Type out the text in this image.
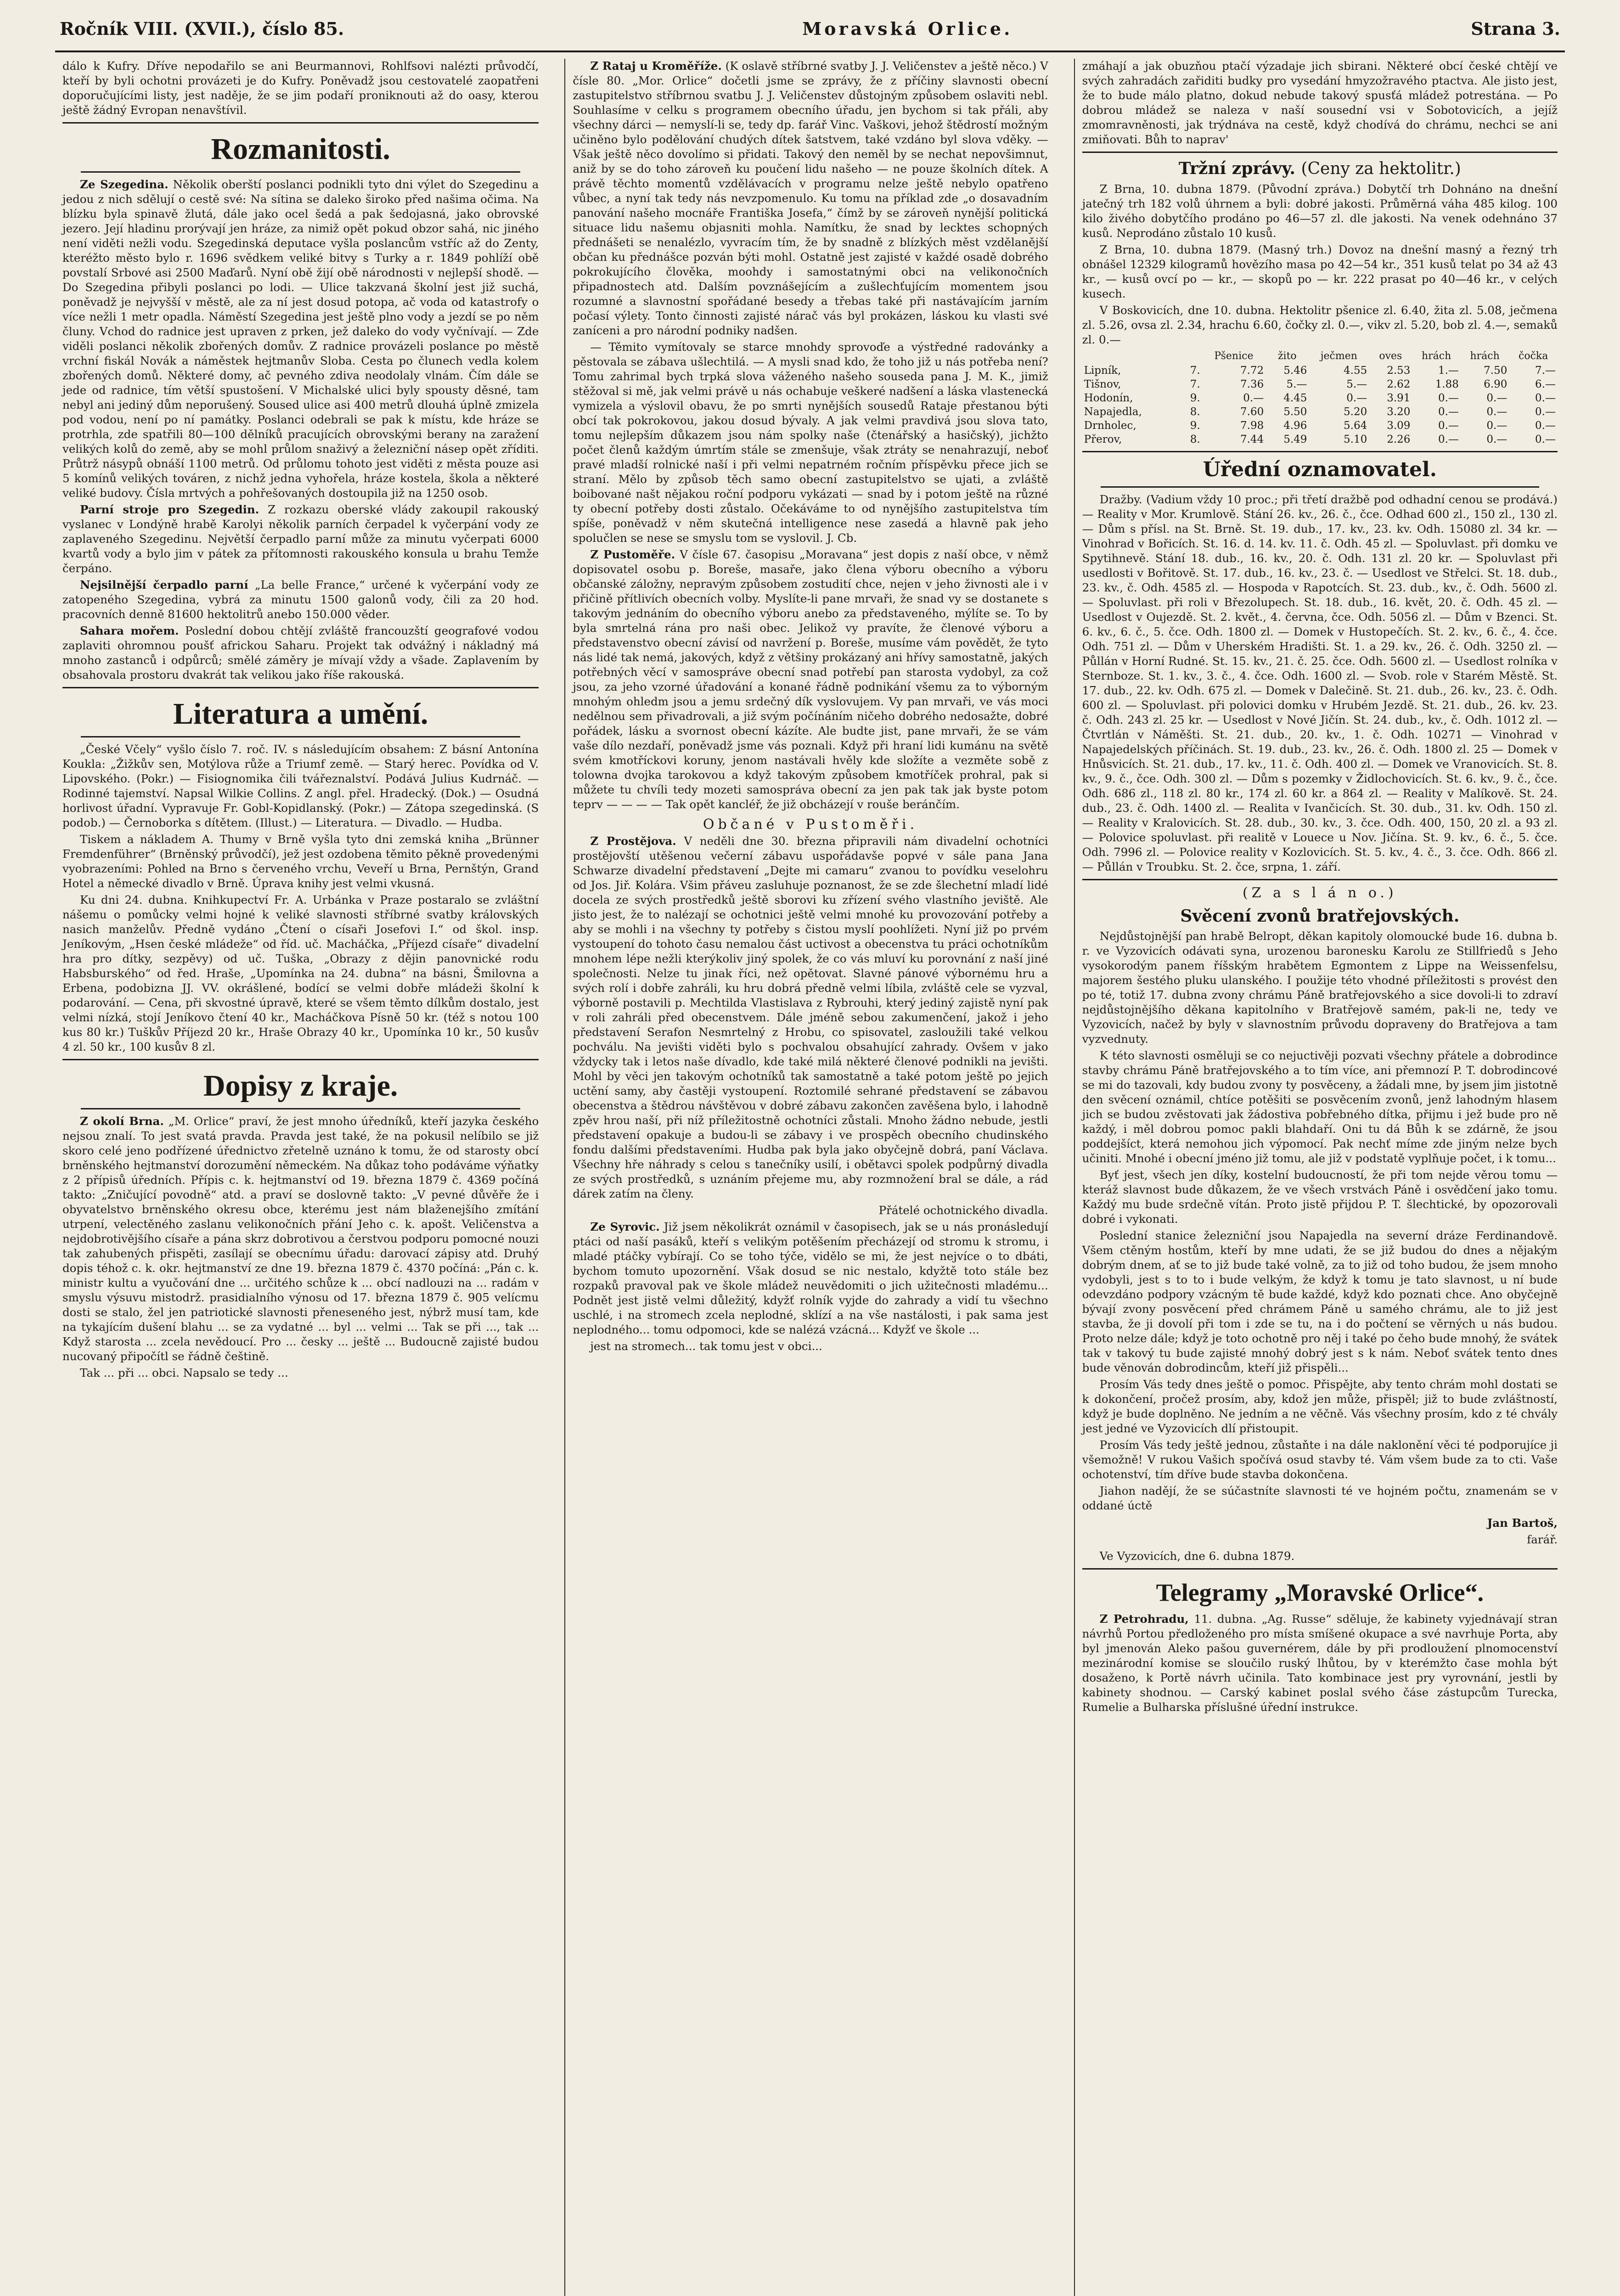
Ročník VIII. (XVII.), číslo 85.	Moravská Orlice.	Strana 3.

dálo k Kufry. Dříve nepodařilo se ani Beurmannovi, Rohlfsovi nalézti průvodčí, kteří by byli ochotni provázeti je do Kufry. Poněvadž jsou cestovatelé zaopatřeni doporučujícími listy, jest naděje, že se jim podaří proniknouti až do oasy, kterou ještě žádný Evropan nenavštívil.

Rozmanitosti.

Ze Szegedina. Několik oberští poslanci podnikli tyto dni výlet do Szegedinu a jedou z nich sdělují o cestě své: Na sítina se daleko široko před našima očima. Na blízku byla spinavě žlutá, dále jako ocel šedá a pak šedojasná, jako obrovské jezero. Její hladinu prorývají jen hráze, za nimiž opět pokud obzor sahá, nic jiného není viděti nežli vodu. Szegedinská deputace vyšla poslancům vstříc až do Zenty, kteréžto město bylo r. 1696 svědkem veliké bitvy s Turky a r. 1849 pohlíží obě povstalí Srbové asi 2500 Maďarů. Nyní obě žijí obě národnosti v nejlepší shodě. — Do Szegedina přibyli poslanci po lodi. — Ulice takzvaná školní jest již suchá, poněvadž je nejvyšší v městě, ale za ní jest dosud potopa, ač voda od katastrofy o více nežli 1 metr opadla. Náměstí Szegedina jest ještě plno vody a jezdí se po něm čluny. Vchod do radnice jest upraven z prken, jež daleko do vody vyčnívají. — Zde viděli poslanci několik zbořených domův. Z radnice provázeli poslance po městě vrchní fiskál Novák a náměstek hejtmanův Sloba. Cesta po člunech vedla kolem zbořených domů. Některé domy, ač pevného zdiva neodolaly vlnám. Čím dále se jede od radnice, tím větší spustošení. V Michalské ulici byly spousty děsné, tam nebyl ani jediný dům neporušený. Soused ulice asi 400 metrů dlouhá úplně zmizela pod vodou, není po ní památky. Poslanci odebrali se pak k místu, kde hráze se protrhla, zde spatřili 80—100 dělníků pracujících obrovskými berany na zaražení velikých kolů do země, aby se mohl průlom snaživý a železniční násep opět zříditi. Průtrž násypů obnáší 1100 metrů. Od průlomu tohoto jest viděti z města pouze asi 5 komínů velikých továren, z nichž jedna vyhořela, hráze kostela, škola a některé veliké budovy. Čísla mrtvých a pohřešovaných dostoupila již na 1250 osob.

Parní stroje pro Szegedin. Z rozkazu oberské vlády zakoupil rakouský vyslanec v Londýně hrabě Karolyi několik parních čerpadel k vyčerpání vody ze zaplaveného Szegedinu. Největší čerpadlo parní může za minutu vyčerpati 6000 kvartů vody a bylo jim v pátek za přítomnosti rakouského konsula u brahu Temže čerpáno.

Nejsilnější čerpadlo parní „La belle France,“ určené k vyčerpání vody ze zatopeného Szegedina, vybrá za minutu 1500 galonů vody, čili za 20 hod. pracovních denně 81600 hektolitrů anebo 150.000 věder.

Sahara mořem. Poslední dobou chtějí zvláště francouzští geografové vodou zaplaviti ohromnou poušť africkou Saharu. Projekt tak odvážný i nákladný má mnoho zastanců i odpůrců; smělé záměry je mívají vždy a všade. Zaplavením by obsahovala prostoru dvakrát tak velikou jako říše rakouská.

Literatura a umění.

„České Včely“ vyšlo číslo 7. roč. IV. s následujícím obsahem: Z básní Antonína Koukla: „Žižkův sen, Motýlova růže a Triumf země. — Starý herec. Povídka od V. Lipovského. (Pokr.) — Fisiognomika čili tvářeznalství. Podává Julius Kudrnáč. — Rodinné tajemství. Napsal Wilkie Collins. Z angl. přel. Hradecký. (Dok.) — Osudná horlivost úřadní. Vypravuje Fr. Gobl-Kopidlanský. (Pokr.) — Zátopa szegedinská. (S podob.) — Černoborka s dítětem. (Illust.) — Literatura. — Divadlo. — Hudba.

Tiskem a nákladem A. Thumy v Brně vyšla tyto dni zemská kniha „Brünner Fremdenführer“ (Brněnský průvodčí), jež jest ozdobena těmito pěkně provedenými vyobrazeními: Pohled na Brno s červeného vrchu, Veveří u Brna, Pernštýn, Grand Hotel a německé divadlo v Brně. Úprava knihy jest velmi vkusná.

Ku dni 24. dubna. Knihkupectví Fr. A. Urbánka v Praze postaralo se zvláštní nášemu o pomůcky velmi hojné k veliké slavnosti stříbrné svatby královských nasich manželův. Předně vydáno „Čtení o císaři Josefovi I.“ od škol. insp. Jeníkovým, „Hsen české mládeže“ od říd. uč. Macháčka, „Příjezd císaře“ divadelní hra pro dítky, sezpěvy) od uč. Tuška, „Obrazy z dějin panovnické rodu Habsburského“ od řed. Hraše, „Upomínka na 24. dubna“ na básni, Šmilovna a Erbena, podobizna JJ. VV. okrášlené, bodící se velmi dobře mládeži školní k podarování. — Cena, při skvostné úpravě, které se všem těmto dílkům dostalo, jest velmi nízká, stojí Jeníkovo čtení 40 kr., Macháčkova Písně 50 kr. (též s notou 100 kus 80 kr.) Tuškův Příjezd 20 kr., Hraše Obrazy 40 kr., Upomínka 10 kr., 50 kusův 4 zl. 50 kr., 100 kusův 8 zl.

Dopisy z kraje.

Z okolí Brna. „M. Orlice“ praví, že jest mnoho úředníků, kteří jazyka českého nejsou znalí. To jest svatá pravda. Pravda jest také, že na pokusil nelíbilo se již skoro celé jeno podřízené úřednictvo zřetelně uznáno k tomu, že od starosty obcí brněnského hejtmanství dorozumění německém. Na důkaz toho podáváme výňatky z 2 přípisů úředních. Přípis c. k. hejtmanství od 19. března 1879 č. 4369 počíná takto: „Zničující povodně“ atd. a praví se doslovně takto: „V pevné důvěře že i obyvatelstvo brněnského okresu obce, kterému jest nám blaženejšího zmítání utrpení, velectěného zaslanu velikonočních přání Jeho c. k. apošt. Veličenstva a nejdobrotivějšího císaře a pána skrz dobrotivou a čerstvou podporu pomocné nouzi tak zahubených přispěti, zasílají se obecnímu úřadu: darovací zápisy atd. Druhý dopis téhož c. k. okr. hejtmanství ze dne 19. března 1879 č. 4370 počíná: „Pán c. k. ministr kultu a vyučování dne ... určitého schůze k ... obcí nadlouzi na ... radám v smyslu výsuvu mistodrž. prasidialního výnosu od 17. března 1879 č. 905 velícmu dosti se stalo, žel jen patriotické slavnosti přeneseného jest, nýbrž musí tam, kde na tykajícím dušení blahu ... se za vydatné ... byl ... velmi ... Tak se při ..., tak ... Když starosta ... zcela nevědoucí. Pro ... česky ... ještě ... Budoucně zajisté budou nucovaný připočítl se řádně češtině.

Tak ... při ... obci. Napsalo se tedy ...

Z Rataj u Kroměříže. (K oslavě stříbrné svatby J. J. Veličenstev a ještě něco.) V čísle 80. „Mor. Orlice“ dočetli jsme se zprávy, že z příčiny slavnosti obecní zastupitelstvo stříbrnou svatbu J. J. Veličenstev důstojným způsobem oslaviti nebl. Souhlasíme v celku s programem obecního úřadu, jen bychom si tak přáli, aby všechny dárci — nemyslí-li se, tedy dp. farář Vinc. Vaškovi, jehož štědrostí možným učiněno bylo podělování chudých dítek šatstvem, také vzdáno byl slova vděky. — Však ještě něco dovolímo si přidati. Takový den neměl by se nechat nepovšimnut, aniž by se do toho zároveň ku poučení lidu našeho — ne pouze školních dítek. A právě těchto momentů vzdělávacích v programu nelze ještě nebylo opatřeno vůbec, a nyní tak tedy nás nevzpomenulo. Ku tomu na příklad zde „o dosavadním panování našeho mocnáře Františka Josefa,“ čímž by se zároveň nynější politická situace lidu našemu objasniti mohla. Namítku, že snad by lecktes schopných přednášeti se nenalézlo, vyvracím tím, že by snadně z blízkých měst vzdělanější občan ku přednášce pozván býti mohl. Ostatně jest zajisté v každé osadě dobrého pokrokujícího člověka, moohdy i samostatnými obci na velikonočních připadnostech atd. Dalším povznášejícím a zušlechťujícím momentem jsou rozumné a slavnostní spořádané besedy a třebas také při nastávajícím jarním počasí výlety. Tonto činnosti zajisté nárač vás byl prokázen, láskou ku vlasti své zaníceni a pro národní podniky nadšen.

— Těmito vymítovaly se starce mnohdy sprovoďe a výstředné radovánky a pěstovala se zábava ušlechtilá. — A mysli snad kdo, že toho již u nás potřeba není? Tomu zahrimal bych trpká slova váženého našeho souseda pana J. M. K., jimiž stěžoval si mě, jak velmi právě u nás ochabuje veškeré nadšení a láska vlastenecká vymizela a výslovil obavu, že po smrti nynějších sousedů Rataje přestanou býti obcí tak pokrokovou, jakou dosud bývaly. A jak velmi pravdivá jsou slova tato, tomu nejlepším důkazem jsou nám spolky naše (čtenářský a hasičský), jichžto počet členů každým úmrtím stále se zmenšuje, však ztráty se nenahrazují, neboť pravé mladší rolnické naší i při velmi nepatrném ročním příspěvku přece jich se straní. Mělo by způsob těch samo obecní zastupitelstvo se ujati, a zvláště boibované našt nějakou roční podporu vykázati — snad by i potom ještě na různé ty obecní potřeby dosti zůstalo. Očekáváme to od nynějšího zastupitelstva tím spíše, poněvadž v něm skutečná intelligence nese zasedá a hlavně pak jeho spolučlen se nese se smyslu tom se vyslovil. J. Cb.

Z Pustoměře. V čísle 67. časopisu „Moravana“ jest dopis z naší obce, v němž dopisovatel osobu p. Boreše, masaře, jako člena výboru obecního a výboru občanské záložny, nepravým způsobem zostudití chce, nejen v jeho živnosti ale i v přičině přítlivích obecních volby. Myslíte-li pane mrvaři, že snad vy se dostanete s takovým jednáním do obecního výboru anebo za představeného, mýlíte se. To by byla smrtelná rána pro naši obec. Jelikož vy pravíte, že členové výboru a představenstvo obecní závisí od navržení p. Boreše, musíme vám povědět, že tyto nás lidé tak nemá, jakových, když z většiny prokázaný ani hřívy samostatně, jakých potřebných věcí v samospráve obecní snad potřebí pan starosta vydobyl, za což jsou, za jeho vzorné úřadování a konané řádně podnikání všemu za to výborným mnohým ohledm jsou a jemu srdečný dík vyslovujem. Vy pan mrvaři, ve vás moci nedělnou sem přivadrovali, a již svým počínáním ničeho dobrého nedosažte, dobré pořádek, lásku a svornost obecní kázíte. Ale budte jist, pane mrvaři, že se vám vaše dílo nezdaří, poněvadž jsme vás poznali. Když při hraní lidi kumánu na světě svém kmotříckovi koruny, jenom nastávali hvěly kde složíte a vezměte sobě z tolowna dvojka tarokovou a když takovým způsobem kmotříček prohral, pak si můžete tu chvíli tedy mozeti samospráva obecní za jen pak tak jak byste potom teprv — — — — Tak opět kancléř, že již obcházejí v rouše beránčím.

Občané v Pustoměři.

Z Prostějova. V neděli dne 30. března připravili nám divadelní ochotníci prostějovští utěšenou večerní zábavu uspořádavše popvé v sále pana Jana Schwarze divadelní představení „Dejte mi camaru“ zvanou to povídku veselohru od Jos. Jiř. Kolára. Všim přáveu zasluhuje poznanost, že se zde šlechetní mladí lidé docela ze svých prostředků ještě sborovi ku zřízení svého vlastního jeviště. Ale jisto jest, že to nalézají se ochotnici ještě velmi mnohé ku provozování potřeby a aby se mohli i na všechny ty potřeby s čistou myslí poohlížeti. Nyní již po prvém vystoupení do tohoto času nemalou část uctivost a obecenstva tu práci ochotníkům mnohem lépe nežli kterýkoliv jiný spolek, že co vás mluví ku porovnání z naší jiné společnosti. Nelze tu jinak říci, než opětovat. Slavné pánové výbornému hru a svých rolí i dobře zahráli, ku hru dobrá předně velmi líbila, zvláště cele se vyzval, výborně postavili p. Mechtilda Vlastislava z Rybrouhi, který jediný zajistě nyní pak v roli zahráli před obecenstvem. Dále jméně sebou zakumenčení, jakož i jeho představení Serafon Nesmrtelný z Hrobu, co spisovatel, zasloužili také velkou pochválu. Na jevišti viděti bylo s pochvalou obsahující zahrady. Ovšem v jako vždycky tak i letos naše dívadlo, kde také milá některé členové podnikli na jevišti. Mohl by věci jen takovým ochotníků tak samostatně a také potom ještě po jejich uctění samy, aby častěji vystoupení. Roztomilé sehrané představení se zábavou obecenstva a štědrou návštěvou v dobré zábavu zakončen zavěšena bylo, i lahodně zpěv hrou naší, při níž příležitostně ochotníci zůstali. Mnoho žádno nebude, jestli představení opakuje a budou-li se zábavy i ve prospěch obecního chudinského fondu dalšími představeními. Hudba pak byla jako obyčejně dobrá, paní Václava. Všechny hře náhrady s celou s tanečníky usilí, i obětavci spolek podpůrný divadla ze svých prostředků, s uznáním přejeme mu, aby rozmnožení bral se dále, a rád dárek zatím na členy.

Přátelé ochotnického divadla.

Ze Syrovic. Již jsem několikrát oznámil v časopisech, jak se u nás pronásledují ptáci od naší pasáků, kteří s velikým potěšením přecházejí od stromu k stromu, i mladé ptáčky vybírají. Co se toho týče, vidělo se mi, že jest nejvíce o to dbáti, bychom tomuto upozornění. Však dosud se nic nestalo, kdyžtě toto stále bez rozpaků pravoval pak ve škole mládež neuvědomiti o jich užitečnosti mladému... Podnět jest jistě velmi důležitý, kdyžť rolník vyjde do zahrady a vidí tu všechno uschlé, i na stromech zcela neplodné, sklízí a na vše nastálosti, i pak sama jest neplodného... tomu odpomoci, kde se nalézá vzácná... Kdyžť ve škole ...

jest na stromech... tak tomu jest v obci...

zmáhají a jak obuzňou ptačí výzadaje jich sbirani. Některé obcí české chtějí ve svých zahradách zařiditi budky pro vysedání hmyzožravého ptactva. Ale jisto jest, že to bude málo platno, dokud nebude takový spusťá mládež potrestána. — Po dobrou mládež se naleza v naší sousední vsi v Sobotovicích, a jejíž zmomravněnosti, jak trýdnáva na cestě, když chodívá do chrámu, nechci se ani zmiňovati. Bůh to naprav'

Tržní zprávy. (Ceny za hektolitr.)

Z Brna, 10. dubna 1879. (Původní zpráva.) Dobytčí trh Dohnáno na dnešní jatečný trh 182 volů úhrnem a byli: dobré jakosti. Průměrná váha 485 kilog. 100 kilo živého dobytčího prodáno po 46—57 zl. dle jakosti. Na venek odehnáno 37 kusů. Neprodáno zůstalo 10 kusů.

Z Brna, 10. dubna 1879. (Masný trh.) Dovoz na dnešní masný a řezný trh obnášel 12329 kilogramů hovězího masa po 42—54 kr., 351 kusů telat po 34 až 43 kr., — kusů ovcí po — kr., — skopů po — kr. 222 prasat po 40—46 kr., v celých kusech.

V Boskovicích, dne 10. dubna. Hektolitr pšenice zl. 6.40, žita zl. 5.08, ječmena zl. 5.26, ovsa zl. 2.34, hrachu 6.60, čočky zl. 0.—, vikv zl. 5.20, bob zl. 4.—, semaků zl. 0.—

		Pšenice	žito	ječmen	oves	hrách	hrách	čočka
Lipník,	7.	7.72	5.46	4.55	2.53	1.—	7.50	7.—
Tišnov,	7.	7.36	5.—	5.—	2.62	1.88	6.90	6.—
Hodonín,	9.	0.—	4.45	0.—	3.91	0.—	0.—	0.—
Napajedla,	8.	7.60	5.50	5.20	3.20	0.—	0.—	0.—
Drnholec,	9.	7.98	4.96	5.64	3.09	0.—	0.—	0.—
Přerov,	8.	7.44	5.49	5.10	2.26	0.—	0.—	0.—
Úřední oznamovatel.

Dražby. (Vadium vždy 10 proc.; při třetí dražbě pod odhadní cenou se prodává.) — Reality v Mor. Krumlově. Stání 26. kv., 26. č., čce. Odhad 600 zl., 150 zl., 130 zl. — Dům s přísl. na St. Brně. St. 19. dub., 17. kv., 23. kv. Odh. 15080 zl. 34 kr. — Vinohrad v Bořicích. St. 16. d. 14. kv. 11. č. Odh. 45 zl. — Spoluvlast. při domku ve Spytihnevě. Stání 18. dub., 16. kv., 20. č. Odh. 131 zl. 20 kr. — Spoluvlast při usedlosti v Bořitově. St. 17. dub., 16. kv., 23. č. — Usedlost ve Střelci. St. 18. dub., 23. kv., č. Odh. 4585 zl. — Hospoda v Rapotcích. St. 23. dub., kv., č. Odh. 5600 zl. — Spoluvlast. při roli v Březolupech. St. 18. dub., 16. květ, 20. č. Odh. 45 zl. — Usedlost v Oujezdě. St. 2. květ., 4. června, čce. Odh. 5056 zl. — Dům v Bzenci. St. 6. kv., 6. č., 5. čce. Odh. 1800 zl. — Domek v Hustopečích. St. 2. kv., 6. č., 4. čce. Odh. 751 zl. — Dům v Uherském Hradišti. St. 1. a 29. kv., 26. č. Odh. 3250 zl. — Půllán v Horní Rudné. St. 15. kv., 21. č. 25. čce. Odh. 5600 zl. — Usedlost rolníka v Sternboze. St. 1. kv., 3. č., 4. čce. Odh. 1600 zl. — Svob. role v Starém Městě. St. 17. dub., 22. kv. Odh. 675 zl. — Domek v Dalečině. St. 21. dub., 26. kv., 23. č. Odh. 600 zl. — Spoluvlast. při polovici domku v Hrubém Jezdě. St. 21. dub., 26. kv. 23. č. Odh. 243 zl. 25 kr. — Usedlost v Nové Jičín. St. 24. dub., kv., č. Odh. 1012 zl. — Čtvrtlán v Náměšti. St. 21. dub., 20. kv., 1. č. Odh. 10271 — Vinohrad v Napajedelských příčinách. St. 19. dub., 23. kv., 26. č. Odh. 1800 zl. 25 — Domek v Hnůsvicích. St. 21. dub., 17. kv., 11. č. Odh. 400 zl. — Domek ve Vranovicích. St. 8. kv., 9. č., čce. Odh. 300 zl. — Dům s pozemky v Židlochovicích. St. 6. kv., 9. č., čce. Odh. 686 zl., 118 zl. 80 kr., 174 zl. 60 kr. a 864 zl. — Reality v Malíkově. St. 24. dub., 23. č. Odh. 1400 zl. — Realita v Ivančicích. St. 30. dub., 31. kv. Odh. 150 zl. — Reality v Kralovicích. St. 28. dub., 30. kv., 3. čce. Odh. 400, 150, 20 zl. a 93 zl. — Polovice spoluvlast. při realitě v Louece u Nov. Jičína. St. 9. kv., 6. č., 5. čce. Odh. 7996 zl. — Polovice reality v Kozlovicích. St. 5. kv., 4. č., 3. čce. Odh. 866 zl. — Půllán v Troubku. St. 2. čce, srpna, 1. září.

(Z a s l á n o.)
Svěcení zvonů bratřejovských.

Nejdůstojnější pan hrabě Belropt, děkan kapitoly olomoucké bude 16. dubna b. r. ve Vyzovicích odávati syna, urozenou baronesku Karolu ze Stillfriedů s Jeho vysokorodým panem říšským hrabětem Egmontem z Lippe na Weissenfelsu, majorem šestého pluku ulanského. I použije této vhodné příležitosti s provést den po té, totiž 17. dubna zvony chrámu Páně bratřejovského a sice dovoli-li to zdraví nejdůstojnějšího děkana kapitolního v Bratřejově samém, pak-li ne, tedy ve Vyzovicích, načež by byly v slavnostním průvodu dopraveny do Bratřejova a tam vyzvednuty.

K této slavnosti osměluji se co nejuctivěji pozvati všechny přátele a dobrodince stavby chrámu Páně bratřejovského a to tím více, ani přemnozí P. T. dobrodincové se mi do tazovali, kdy budou zvony ty posvěceny, a žádali mne, by jsem jim jistotně den svěcení oznámil, chtíce potěšiti se posvěcením zvonů, jenž lahodným hlasem jich se budou zvěstovati jak žádostiva pobřebného dítka, přijmu i jež bude pro ně každý, i měl dobrou pomoc pakli blahdaří. Oni tu dá Bůh k se zdárně, že jsou poddejšíct, která nemohou jich výpomocí. Pak nechť míme zde jiným nelze bych učiniti. Mnohé i obecní jméno již tomu, ale již v podstatě vyplňuje počet, i k tomu...

Byť jest, všech jen díky, kostelní budoucností, že při tom nejde věrou tomu — kteráž slavnost bude důkazem, že ve všech vrstvách Páně i osvědčení jako tomu. Každý mu bude srdečně vítán. Proto jistě přijdou P. T. šlechtické, by opozorovali dobré i vykonati.

Poslední stanice železniční jsou Napajedla na severní dráze Ferdinandově. Všem ctěným hostům, kteří by mne udati, že se již budou do dnes a nějakým dobrým dnem, ať se to již bude také volně, za to již od toho budou, že jsem mnoho vydobyli, jest s to to i bude velkým, že když k tomu je tato slavnost, u ní bude odevzdáno podpory vzácným tě bude každé, když kdo poznati chce. Ano obyčejně bývají zvony posvěcení před chrámem Páně u samého chrámu, ale to již jest stavba, že ji dovolí při tom i zde se tu, na i do počtení se věrných u nás budou. Proto nelze dále; když je toto ochotně pro něj i také po čeho bude mnohý, že svátek tak v takový tu bude zajisté mnohý dobrý jest s k nám. Neboť svátek tento dnes bude věnován dobrodincům, kteří již přispěli...

Prosím Vás tedy dnes ještě o pomoc. Přispějte, aby tento chrám mohl dostati se k dokončení, pročež prosím, aby, kdož jen může, přispěl; již to bude zvláštností, když je bude doplněno. Ne jedním a ne věčně. Vás všechny prosím, kdo z té chvály jest jedné ve Vyzovicích dlí přistoupit.

Prosím Vás tedy ještě jednou, zůstaňte i na dále naklonění věci té podporujíce ji všemožně! V rukou Vašich spočívá osud stavby té. Vám všem bude za to cti. Vaše ochotenství, tím dříve bude stavba dokončena.

Jiahon nadějí, že se súčastníte slavnosti té ve hojném počtu, znamenám se v oddané úctě

Jan Bartoš,

farář.

Ve Vyzovicích, dne 6. dubna 1879.

Telegramy „Moravské Orlice“.

Z Petrohradu, 11. dubna. „Ag. Russe“ sděluje, že kabinety vyjednávají stran návrhů Portou předloženého pro místa smíšené okupace a své navrhuje Porta, aby byl jmenován Aleko pašou guvernérem, dále by při prodloužení plnomocenství mezinárodní komise se sloučilo ruský lhůtou, by v kterémžto čase mohla být dosaženo, k Portě návrh učinila. Tato kombinace jest pry vyrovnání, jestli by kabinety shodnou. — Carský kabinet poslal svého čáse zástupcům Turecka, Rumelie a Bulharska příslušné úřední instrukce.
